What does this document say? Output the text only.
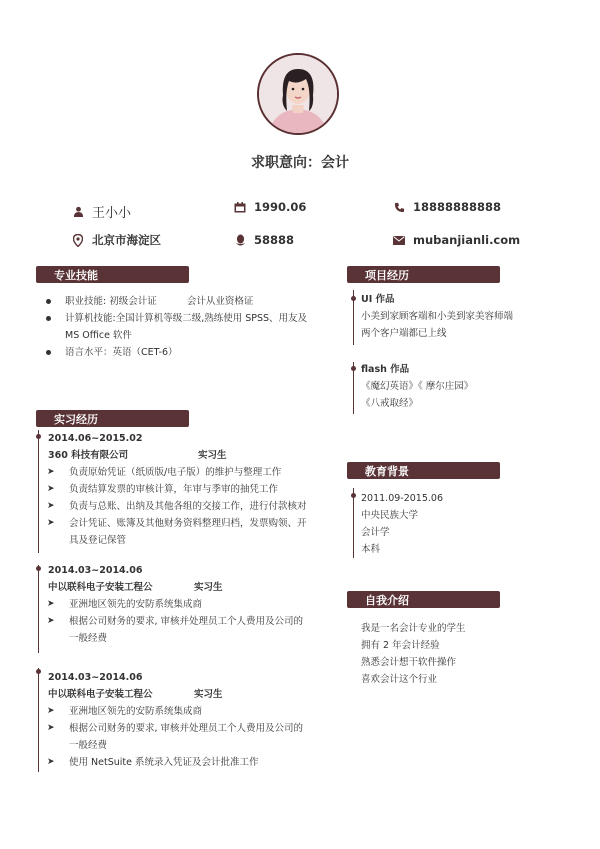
求职意向：会计
王小小	1990.06	18888888888
北京市海淀区	58888	mubanjianli.com
专业技能
职业技能: 初级会计证          会计从业资格证
计算机技能:全国计算机等级二级,熟练使用 SPSS、用友及
MS Office 软件
语言水平：英语（CET-6）
项目经历
UI 作品
小美到家顾客端和小美到家美容师端
两个客户端都已上线
flash 作品
《魔幻英语》《 摩尔庄园》
《八戒取经》
实习经历
2014.06~2015.02
360 科技有限公司	实习生
➤ 负责原始凭证（纸质版/电子版）的维护与整理工作
➤ 负责结算发票的审核计算，年审与季审的抽凭工作
➤ 负责与总账、出纳及其他各组的交接工作，进行付款核对
➤ 会计凭证、账簿及其他财务资料整理归档，发票购领、开
具及登记保管
2014.03~2014.06
中以联科电子安装工程公	实习生
➤ 亚洲地区领先的安防系统集成商
➤ 根据公司财务的要求, 审核并处理员工个人费用及公司的
一般经费
2014.03~2014.06
中以联科电子安装工程公	实习生
➤ 亚洲地区领先的安防系统集成商
➤ 根据公司财务的要求, 审核并处理员工个人费用及公司的
一般经费
➤ 使用 NetSuite 系统录入凭证及会计批准工作
教育背景
2011.09-2015.06
中央民族大学
会计学
本科
自我介绍
我是一名会计专业的学生
拥有 2 年会计经验
熟悉会计想干软件操作
喜欢会计这个行业
